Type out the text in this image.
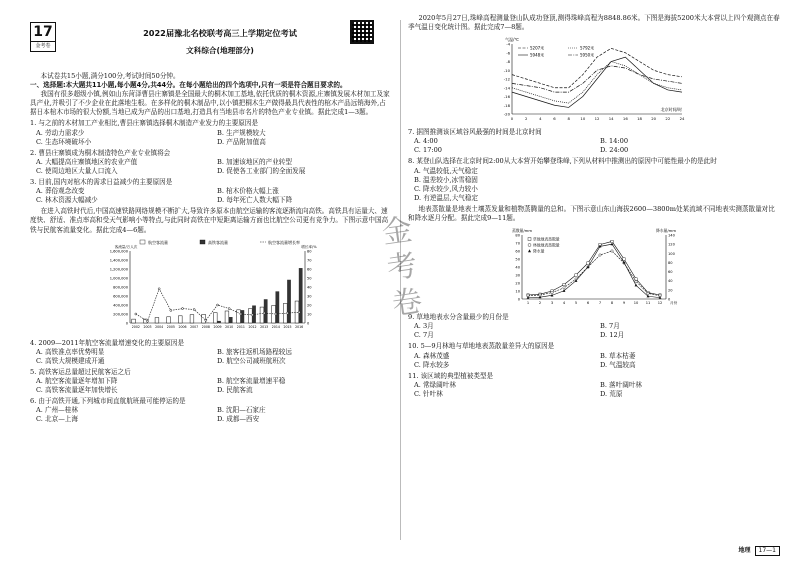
17
金考卷
2022届豫北名校联考高三上学期定位考试
文科综合(地理部分)
本试卷共15小题,满分100分,考试时间50分钟。
一、选择题:本大题共11小题,每小题4分,共44分。在每小题给出的四个选项中,只有一项是符合题目要求的。
我国有很多超级小镇,例如山东菏泽曹县庄寨镇是全国最大的桐木加工基地,依托优质的桐木资源,庄寨镇发展木材加工及家具产业,并吸引了不少企业在此落地生根。在多样化的桐木制品中,以小镇把桐木生产做得最具代表性的棺木产品远销海外,占据日本棺木市场的很大份额,当地已成为产品的出口基地,打造具有当地县市名片的特色产业专业镇。据此完成1—3题。
1. 与之前的木材加工产业相比,曹县庄寨镇选择桐木制造产业发力的主要原因是
A. 劳动力需求少	B. 生产规模较大
C. 生态环境破坏小	D. 产品附加值高
2. 曹县庄寨镇成为桐木制造特色产业专业镇将会
A. 大幅提高庄寨镇地区的农业产值	B. 加速该地区的产业转型
C. 使周边地区大量人口流入	D. 促使各工业部门的全面发展
3. 目前,国内对棺木的需求日益减少的主要原因是
A. 葬俗观念改变	B. 棺木价格大幅上涨
C. 林木资源大幅减少	D. 每年死亡人数大幅下降
在进入高铁时代后,中国高速铁路网络规模不断扩大,导致许多原本由航空运输的客流逐渐流向高铁。高铁具有运量大、速度快、舒适、准点率高和受天气影响小等特点,与此同时高铁在中短距离运输方面也比航空公司更有竞争力。下图示意中国高铁与民航客流量变化。据此完成4—6题。
0
200,000
400,000
600,000
800,000
1,000,000
1,200,000
1,400,000
1,600,000
0
10
20
30
40
50
60
70
80
客流量/万人次	增长率/%
2002 2003 2004 2005 2006 2007 2008 2009 2010 2011 2012 2013 2014 2015 2016
航空客流量	高铁客流量	航空客流量增长率
4. 2009—2011年航空客流量增速变化的主要原因是
A. 高铁准点率优势明显	B. 旅客往返机场路程较远
C. 高铁大规模建成开通	D. 航空公司减班航班次
5. 高铁客运总量超过民航客运之后
A. 航空客流量逐年增加下降	B. 航空客流量增速平稳
C. 高铁客流量逐年加快增长	D. 民航客流
6. 由于高铁开通,下列城市间直航航班最可能停运的是
A. 广州—桂林	B. 沈阳—石家庄
C. 北京—上海	D. 成都—西安
金考卷
2020年5月27日,珠峰高程测量登山队成功登顶,测得珠峰高程为8848.86米。下图是海拔5200米大本营以上四个观测点在春季气温日变化统计图。据此完成7—8题。
气温/℃
北京时间/时
-4
-6
-8
-10
-12
-14
-16
-18
-20
0	2	4	6	8	10 12 14 16 18 20 22 24
5207米	5792米
5948米	5950米
7. 据图推测该区域谷风最强的时间是北京时间
A. 4:00	B. 14:00
C. 17:00	D. 24:00
8. 某登山队选择在北京时间2:00从大本营开始攀登珠峰,下列从材料中推测出的原因中可能性最小的是此时
A. 气温较低,天气稳定
B. 温差较小,冰雪稳固
C. 降水较少,风力较小
D. 有逆温层,大气稳定
地表蒸散量是地表土壤蒸发量和植物蒸腾量的总和。下图示意山东山海拔2600—3800m处某流域不同地表实测蒸散量对比和降水逐月分配。据此完成9—11题。
蒸散量/mm	降水量/mm
0
10
20
30
40
50
60
70
80
0
20
40
60
80
100
120
140
1	2	3	4	5	6	7	8	9 10 11 12 月份
草地地表蒸散量
林地地表蒸散量
降水量
9. 草地地表水分含量最少的月份是
A. 3月	B. 7月
C. 7月	D. 12月
10. 5—9月林地与草地地表蒸散量差异大的原因是
A. 森林茂盛	B. 草本枯萎
C. 降水较多	D. 气温较高
11. 该区域的典型植被类型是
A. 常绿阔叶林	B. 落叶阔叶林
C. 针叶林	D. 荒原
地理	17—1
